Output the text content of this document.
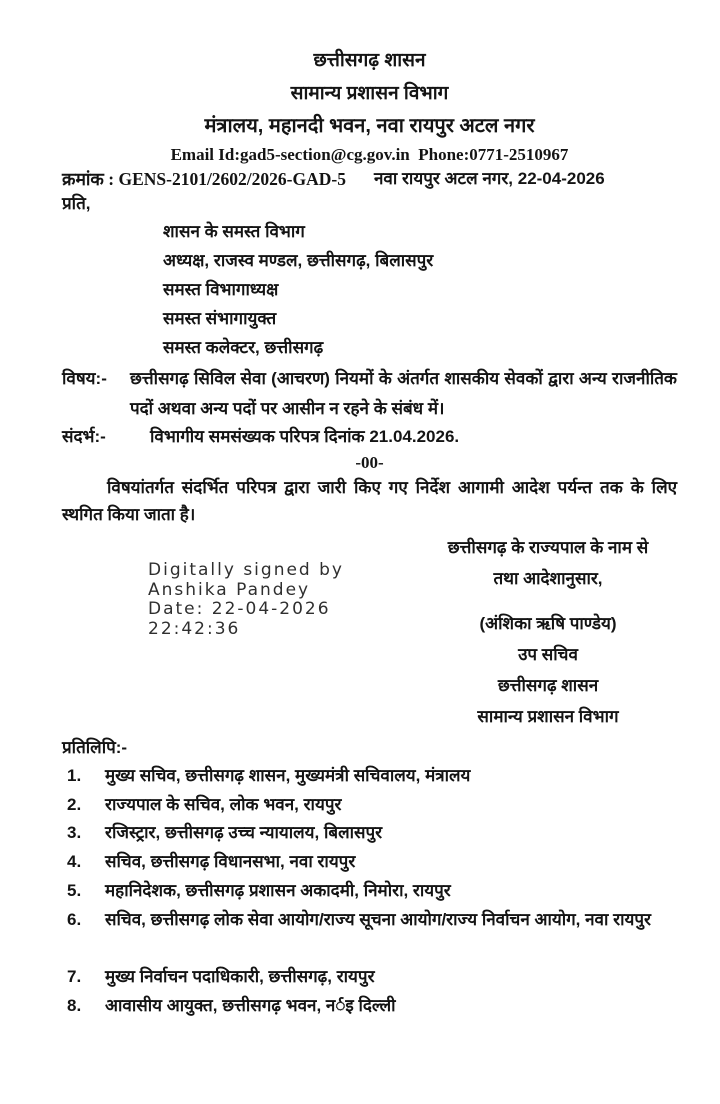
छत्तीसगढ़ शासन
सामान्य प्रशासन विभाग
मंत्रालय, महानदी भवन, नवा रायपुर अटल नगर
Email Id:gad5-section@cg.gov.in  Phone:0771-2510967
क्रमांक : GENS-2101/2602/2026-GAD-5 नवा रायपुर अटल नगर, 22-04-2026
प्रति,
शासन के समस्त विभाग
अध्यक्ष, राजस्व मण्डल, छत्तीसगढ़, बिलासपुर
समस्त विभागाध्यक्ष
समस्त संभागायुक्त
समस्त कलेक्टर, छत्तीसगढ़
विषय:-	छत्तीसगढ़ सिविल सेवा (आचरण) नियमों के अंतर्गत शासकीय सेवकों द्वारा अन्य राजनीतिक पदों अथवा अन्य पदों पर आसीन न रहने के संबंध में।
संदर्भ:-	विभागीय समसंख्यक परिपत्र दिनांक 21.04.2026.
-00-

विषयांतर्गत संदर्भित परिपत्र द्वारा जारी किए गए निर्देश आगामी आदेश पर्यन्त तक के लिए स्थगित किया जाता है।

Digitally signed by
Anshika Pandey
Date: 22-04-2026
22:42:36
छत्तीसगढ़ के राज्यपाल के नाम से
तथा आदेशानुसार,
(अंशिका ऋषि पाण्डेय)
उप सचिव
छत्तीसगढ़ शासन
सामान्य प्रशासन विभाग
प्रतिलिपि:-
1.	मुख्य सचिव, छत्तीसगढ़ शासन, मुख्यमंत्री सचिवालय, मंत्रालय
2.	राज्यपाल के सचिव, लोक भवन, रायपुर
3.	रजिस्ट्रार, छत्तीसगढ़ उच्च न्यायालय, बिलासपुर
4.	सचिव, छत्तीसगढ़ विधानसभा, नवा रायपुर
5.	महानिदेशक, छत्तीसगढ़ प्रशासन अकादमी, निमोरा, रायपुर
6.	सचिव, छत्तीसगढ़ लोक सेवा आयोग/राज्य सूचना आयोग/राज्य निर्वाचन आयोग, नवा रायपुर
7.	मुख्य निर्वाचन पदाधिकारी, छत्तीसगढ़, रायपुर
8.	आवासीय आयुक्त, छत्तीसगढ़ भवन, नर्इ दिल्ली
